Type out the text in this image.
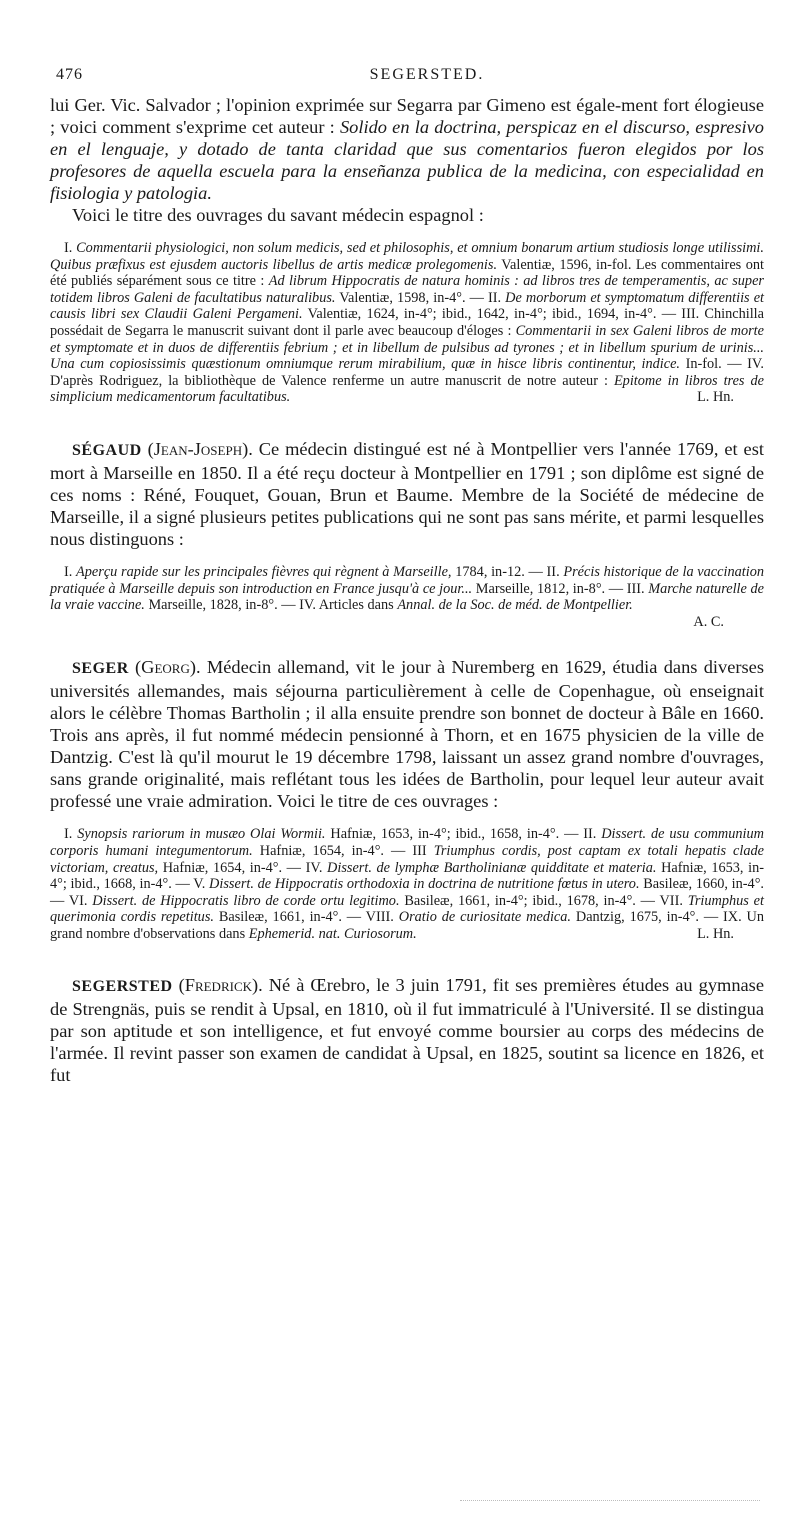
476	SEGERSTED.

lui Ger. Vic. Salvador ; l'opinion exprimée sur Segarra par Gimeno est égale-ment fort élogieuse ; voici comment s'exprime cet auteur : Solido en la doctrina, perspicaz en el discurso, espresivo en el lenguaje, y dotado de tanta claridad que sus comentarios fueron elegidos por los profesores de aquella escuela para la enseñanza publica de la medicina, con especialidad en fisiologia y patologia.

Voici le titre des ouvrages du savant médecin espagnol :

I. Commentarii physiologici, non solum medicis, sed et philosophis, et omnium bonarum artium studiosis longe utilissimi. Quibus præfixus est ejusdem auctoris libellus de artis medicæ prolegomenis. Valentiæ, 1596, in-fol. Les commentaires ont été publiés séparément sous ce titre : Ad librum Hippocratis de natura hominis : ad libros tres de temperamentis, ac super totidem libros Galeni de facultatibus naturalibus. Valentiæ, 1598, in-4°. — II. De morborum et symptomatum differentiis et causis libri sex Claudii Galeni Pergameni. Valentiæ, 1624, in-4°; ibid., 1642, in-4°; ibid., 1694, in-4°. — III. Chinchilla possédait de Segarra le manuscrit suivant dont il parle avec beaucoup d'éloges : Commentarii in sex Galeni libros de morte et symptomate et in duos de differentiis febrium ; et in libellum de pulsibus ad tyrones ; et in libellum spurium de urinis... Una cum copiosissimis quæstionum omniumque rerum mirabilium, quæ in hisce libris continentur, indice. In-fol. — IV. D'après Rodriguez, la bibliothèque de Valence renferme un autre manuscrit de notre auteur : Epitome in libros tres de simplicium medicamentorum facultatibus.	L. Hn.

SÉGAUD (Jean-Joseph). Ce médecin distingué est né à Montpellier vers l'année 1769, et est mort à Marseille en 1850. Il a été reçu docteur à Montpellier en 1791 ; son diplôme est signé de ces noms : Réné, Fouquet, Gouan, Brun et Baume. Membre de la Société de médecine de Marseille, il a signé plusieurs petites publications qui ne sont pas sans mérite, et parmi lesquelles nous distinguons :

I. Aperçu rapide sur les principales fièvres qui règnent à Marseille, 1784, in-12. — II. Précis historique de la vaccination pratiquée à Marseille depuis son introduction en France jusqu'à ce jour... Marseille, 1812, in-8°. — III. Marche naturelle de la vraie vaccine. Marseille, 1828, in-8°. — IV. Articles dans Annal. de la Soc. de méd. de Montpellier.

A. C.

SEGER (Georg). Médecin allemand, vit le jour à Nuremberg en 1629, étudia dans diverses universités allemandes, mais séjourna particulièrement à celle de Copenhague, où enseignait alors le célèbre Thomas Bartholin ; il alla ensuite prendre son bonnet de docteur à Bâle en 1660. Trois ans après, il fut nommé médecin pensionné à Thorn, et en 1675 physicien de la ville de Dantzig. C'est là qu'il mourut le 19 décembre 1798, laissant un assez grand nombre d'ouvrages, sans grande originalité, mais reflétant tous les idées de Bartholin, pour lequel leur auteur avait professé une vraie admiration. Voici le titre de ces ouvrages :

I. Synopsis rariorum in musæo Olai Wormii. Hafniæ, 1653, in-4°; ibid., 1658, in-4°. — II. Dissert. de usu communium corporis humani integumentorum. Hafniæ, 1654, in-4°. — III Triumphus cordis, post captam ex totali hepatis clade victoriam, creatus, Hafniæ, 1654, in-4°. — IV. Dissert. de lymphæ Bartholinianæ quidditate et materia. Hafniæ, 1653, in-4°; ibid., 1668, in-4°. — V. Dissert. de Hippocratis orthodoxia in doctrina de nutritione fœtus in utero. Basileæ, 1660, in-4°. — VI. Dissert. de Hippocratis libro de corde ortu legitimo. Basileæ, 1661, in-4°; ibid., 1678, in-4°. — VII. Triumphus et querimonia cordis repetitus. Basileæ, 1661, in-4°. — VIII. Oratio de curiositate medica. Dantzig, 1675, in-4°. — IX. Un grand nombre d'observations dans Ephemerid. nat. Curiosorum.	L. Hn.

SEGERSTED (Fredrick). Né à Œrebro, le 3 juin 1791, fit ses premières études au gymnase de Strengnäs, puis se rendit à Upsal, en 1810, où il fut immatriculé à l'Université. Il se distingua par son aptitude et son intelligence, et fut envoyé comme boursier au corps des médecins de l'armée. Il revint passer son examen de candidat à Upsal, en 1825, soutint sa licence en 1826, et fut
